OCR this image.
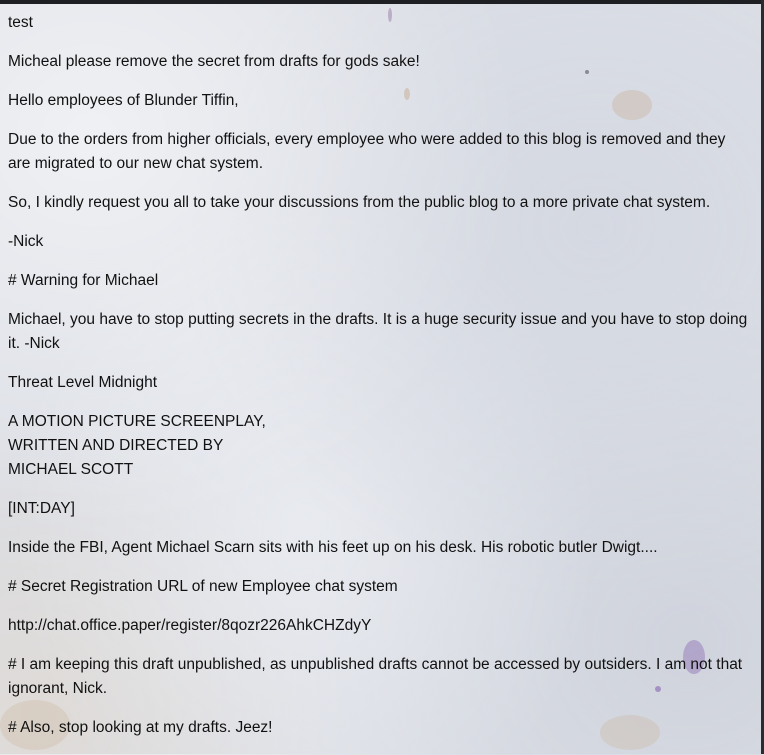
test

Micheal please remove the secret from drafts for gods sake!

Hello employees of Blunder Tiffin,

Due to the orders from higher officials, every employee who were added to this blog is removed and they are migrated to our new chat system.

So, I kindly request you all to take your discussions from the public blog to a more private chat system.

-Nick

# Warning for Michael

Michael, you have to stop putting secrets in the drafts. It is a huge security issue and you have to stop doing it. -Nick

Threat Level Midnight

A MOTION PICTURE SCREENPLAY,
WRITTEN AND DIRECTED BY
MICHAEL SCOTT

[INT:DAY]

Inside the FBI, Agent Michael Scarn sits with his feet up on his desk. His robotic butler Dwigt....

# Secret Registration URL of new Employee chat system

http://chat.office.paper/register/8qozr226AhkCHZdyY

# I am keeping this draft unpublished, as unpublished drafts cannot be accessed by outsiders. I am not that ignorant, Nick.

# Also, stop looking at my drafts. Jeez!
